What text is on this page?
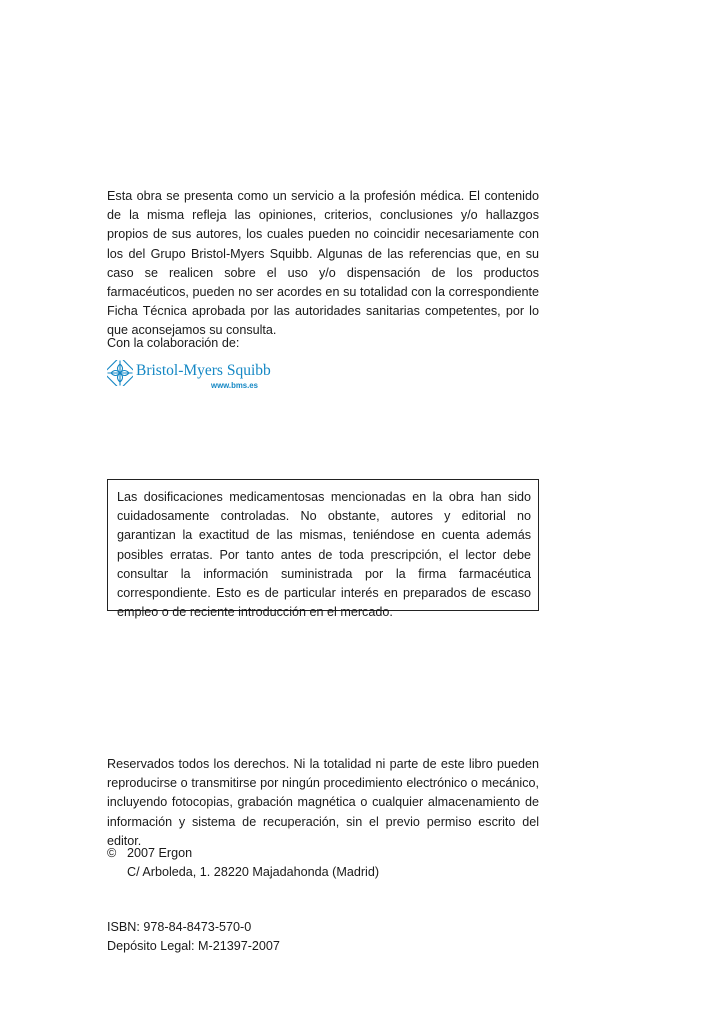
Esta obra se presenta como un servicio a la profesión médica. El contenido de la misma refleja las opiniones, criterios, conclusiones y/o hallazgos propios de sus autores, los cuales pueden no coincidir necesariamente con los del Grupo Bristol-Myers Squibb. Algunas de las referencias que, en su caso se realicen sobre el uso y/o dispensación de los productos farmacéuticos, pueden no ser acordes en su totalidad con la correspondiente Ficha Técnica aprobada por las autoridades sanitarias competentes, por lo que aconsejamos su consulta.

Con la colaboración de:
Bristol-Myers Squibb
www.bms.es

Las dosificaciones medicamentosas mencionadas en la obra han sido cuidadosamente controladas. No obstante, autores y editorial no garantizan la exactitud de las mismas, teniéndose en cuenta además posibles erratas. Por tanto antes de toda prescripción, el lector debe consultar la información suministrada por la firma farmacéutica correspondiente. Esto es de particular interés en preparados de escaso empleo o de reciente introducción en el mercado.

Reservados todos los derechos. Ni la totalidad ni parte de este libro pueden reproducirse o transmitirse por ningún procedimiento electrónico o mecánico, incluyendo fotocopias, grabación magnética o cualquier almacenamiento de información y sistema de recuperación, sin el previo permiso escrito del editor.

© 2007 Ergon
C/ Arboleda, 1. 28220 Majadahonda (Madrid)
ISBN: 978-84-8473-570-0
Depósito Legal: M-21397-2007
